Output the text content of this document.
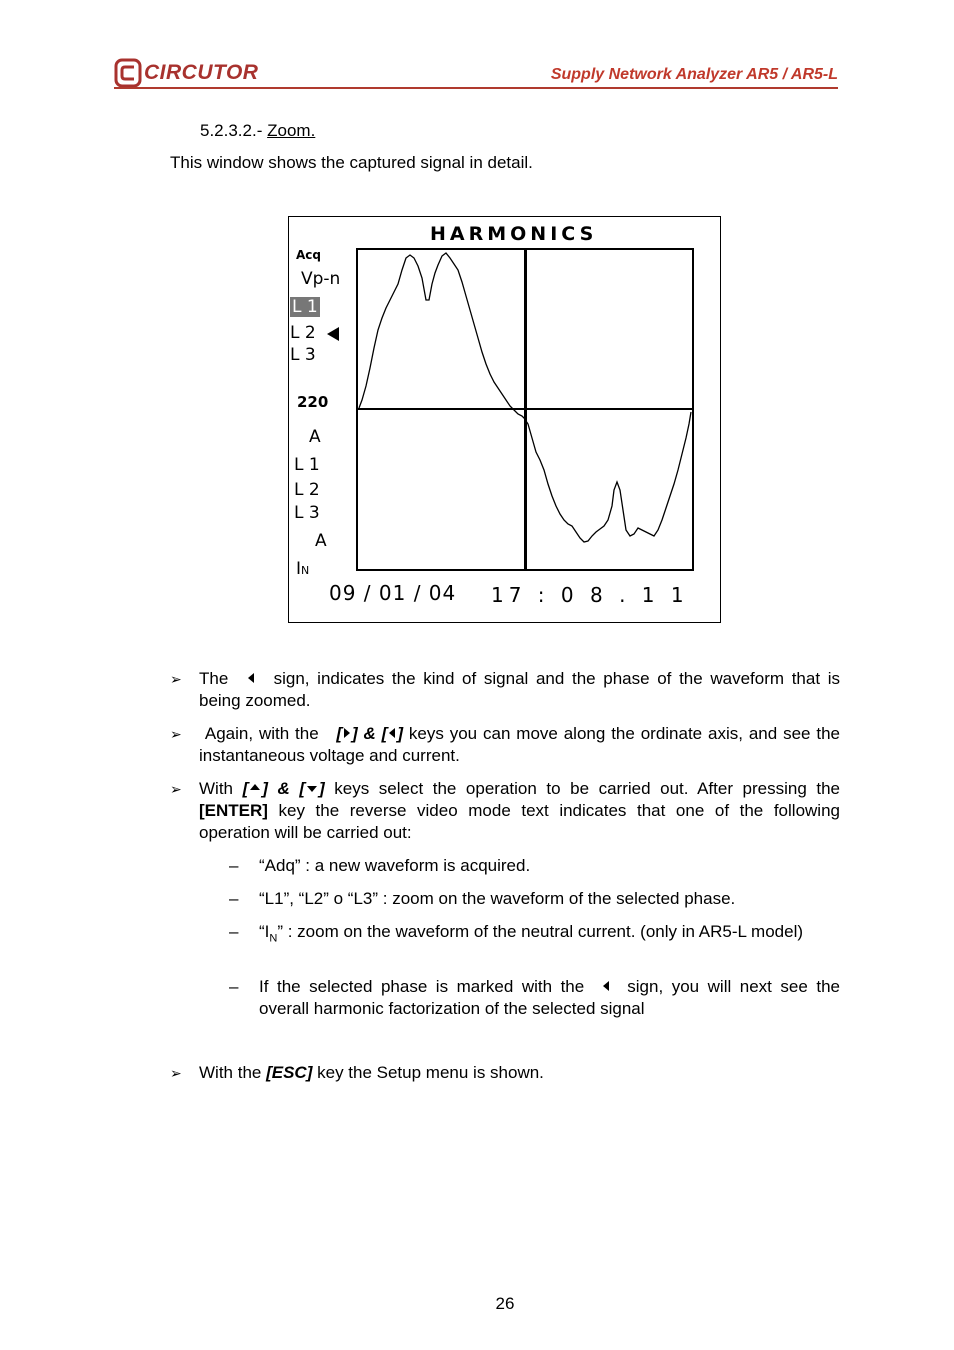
CIRCUTOR	Supply Network Analyzer AR5 / AR5-L
5.2.3.2.- Zoom.
This window shows the captured signal in detail.
HARMONICS
Acq
Vp-n
L 1
L 2
L 3
220
A
L 1
L 2
L 3
A
IN
09 / 01 / 04 17 : 0 8 . 1 1
➢ The	sign, indicates the kind of signal and the phase of the waveform that is being zoomed.
➢	Again, with the [ ] & [ ] keys you can move along the ordinate axis, and see the instantaneous voltage and current.
➢ With [ ] & [ ] keys select the operation to be carried out. After pressing the [ENTER] key the reverse video mode text indicates that one of the following operation will be carried out:
– “Adq” : a new waveform is acquired.
– “L1”, “L2” o “L3” : zoom on the waveform of the selected phase.
– “$I_N$” : zoom on the waveform of the neutral current. (only in AR5-L model)
– If the selected phase is marked with the	sign, you will next see the overall harmonic factorization of the selected signal
➢ With the [ESC] key the Setup menu is shown.
26
